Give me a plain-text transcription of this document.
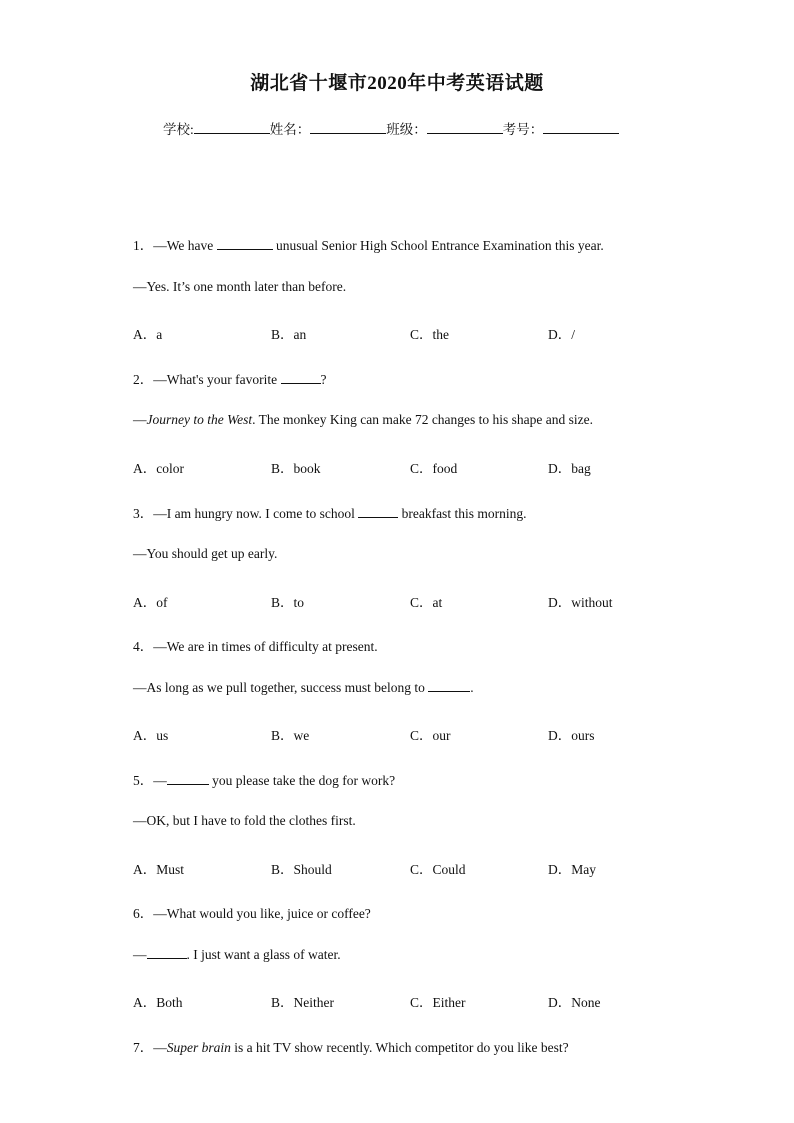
湖北省十堰市2020年中考英语试题
学校:	姓名：	班级：	考号：
1．—We have	unusual Senior High School Entrance Examination this year.
—Yes. It’s one month later than before.
A．a	B．an	C．the	D．/
2．—What's your favorite	?
—Journey to the West. The monkey King can make 72 changes to his shape and size.
A．color	B．book	C．food	D．bag
3．—I am hungry now. I come to school	breakfast this morning.
—You should get up early.
A．of	B．to	C．at	D．without
4．—We are in times of difficulty at present.
—As long as we pull together, success must belong to	.
A．us	B．we	C．our	D．ours
5．—	you please take the dog for work?
—OK, but I have to fold the clothes first.
A．Must	B．Should	C．Could	D．May
6．—What would you like, juice or coffee?
—	. I just want a glass of water.
A．Both	B．Neither	C．Either	D．None
7．—Super brain is a hit TV show recently. Which competitor do you like best?
